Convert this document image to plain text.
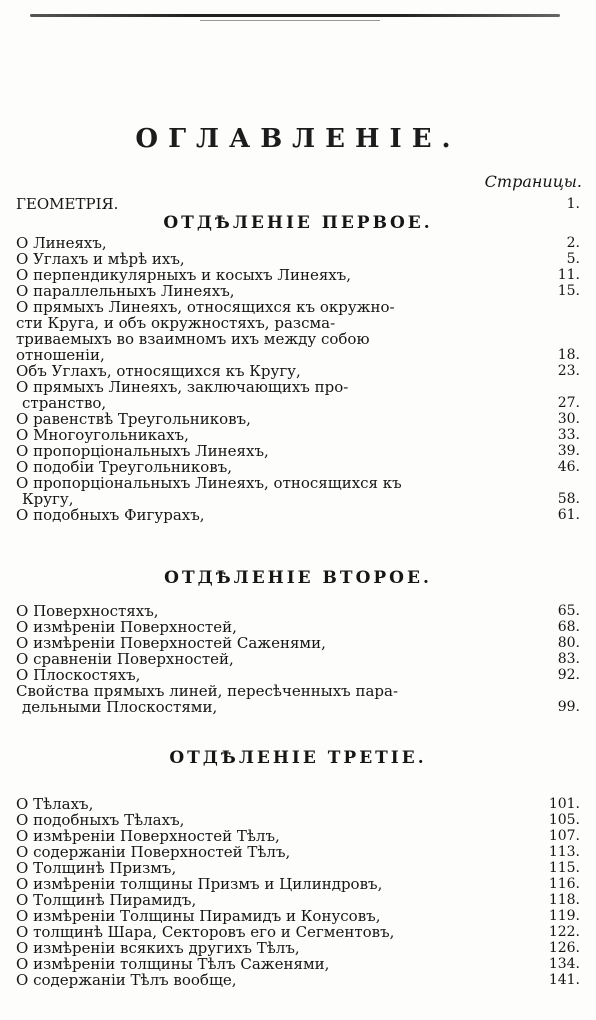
ОГЛАВЛЕНІЕ.
Страницы.
ГЕОМЕТРІЯ.	1.
ОТДѢЛЕНІЕ ПЕРВОЕ.
О Линеяхъ,	2.
О Углахъ и мѣрѣ ихъ,	5.
О перпендикулярныхъ и косыхъ Линеяхъ,	11.
О параллельныхъ Линеяхъ,	15.
О прямыхъ Линеяхъ, относящихся къ окружно-
сти Круга, и объ окружностяхъ, разсма-
триваемыхъ во взаимномъ ихъ между собою
отношеніи,	18.
Объ Углахъ, относящихся къ Кругу,	23.
О прямыхъ Линеяхъ, заключающихъ про-
странство,	27.
О равенствѣ Треугольниковъ,	30.
О Многоугольникахъ,	33.
О пропорціональныхъ Линеяхъ,	39.
О подобіи Треугольниковъ,	46.
О пропорціональныхъ Линеяхъ, относящихся къ
Кругу,	58.
О подобныхъ Фигурахъ,	61.
ОТДѢЛЕНІЕ ВТОРОЕ.
О Поверхностяхъ,	65.
О измѣреніи Поверхностей,	68.
О измѣреніи Поверхностей Саженями,	80.
О сравненіи Поверхностей,	83.
О Плоскостяхъ,	92.
Свойства прямыхъ линей, пересѣченныхъ пара-
дельными Плоскостями,	99.
ОТДѢЛЕНІЕ ТРЕТІЕ.
О Тѣлахъ,	101.
О подобныхъ Тѣлахъ,	105.
О измѣреніи Поверхностей Тѣлъ,	107.
О содержаніи Поверхностей Тѣлъ,	113.
О Толщинѣ Призмъ,	115.
О измѣреніи толщины Призмъ и Цилиндровъ,	116.
О Толщинѣ Пирамидъ,	118.
О измѣреніи Толщины Пирамидъ и Конусовъ,	119.
О толщинѣ Шара, Секторовъ его и Сегментовъ,	122.
О измѣреніи всякихъ другихъ Тѣлъ,	126.
О измѣреніи толщины Тѣлъ Саженями,	134.
О содержаніи Тѣлъ вообще,	141.
